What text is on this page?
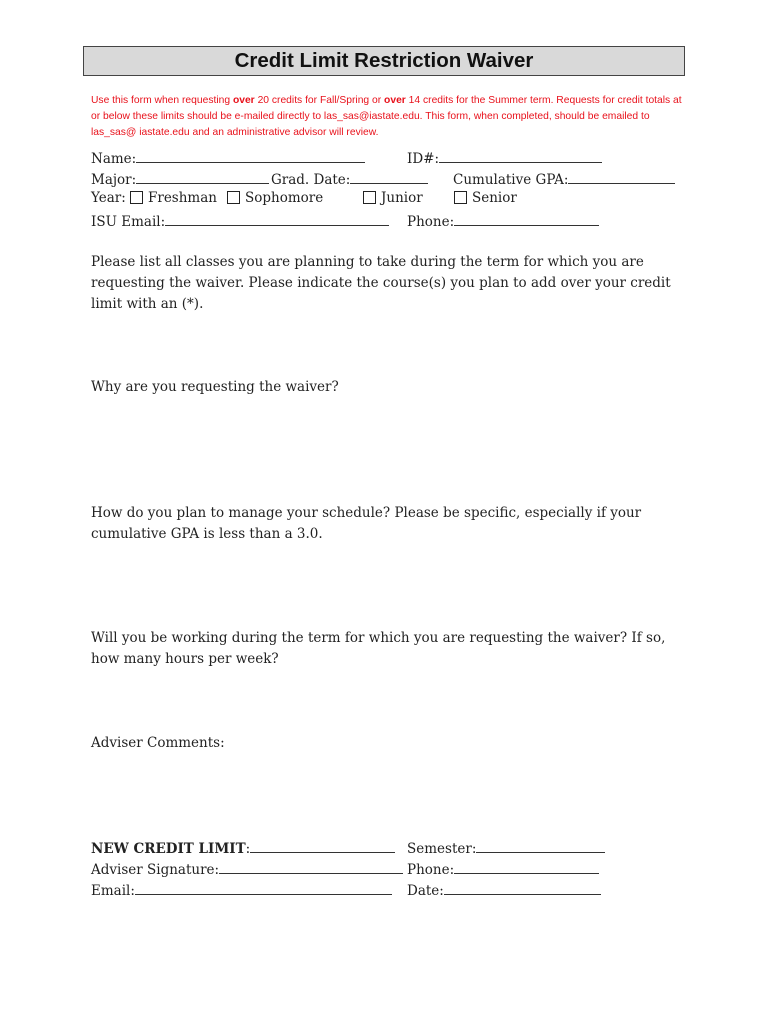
Credit Limit Restriction Waiver
Use this form when requesting over 20 credits for Fall/Spring or over 14 credits for the Summer term. Requests for credit totals at or below these limits should be e-mailed directly to las_sas@iastate.edu. This form, when completed, should be emailed to las_sas@ iastate.edu and an administrative advisor will review.
Name:	ID#:
Major:	Grad. Date:	Cumulative GPA:
Year:	Freshman	Sophomore	Junior	Senior
ISU Email:	Phone:
Please list all classes you are planning to take during the term for which you are requesting the waiver. Please indicate the course(s) you plan to add over your credit limit with an (*).
Why are you requesting the waiver?
How do you plan to manage your schedule? Please be specific, especially if your cumulative GPA is less than a 3.0.
Will you be working during the term for which you are requesting the waiver? If so, how many hours per week?
Adviser Comments:
NEW CREDIT LIMIT:	Semester:
Adviser Signature:	Phone:
Email:	Date:
